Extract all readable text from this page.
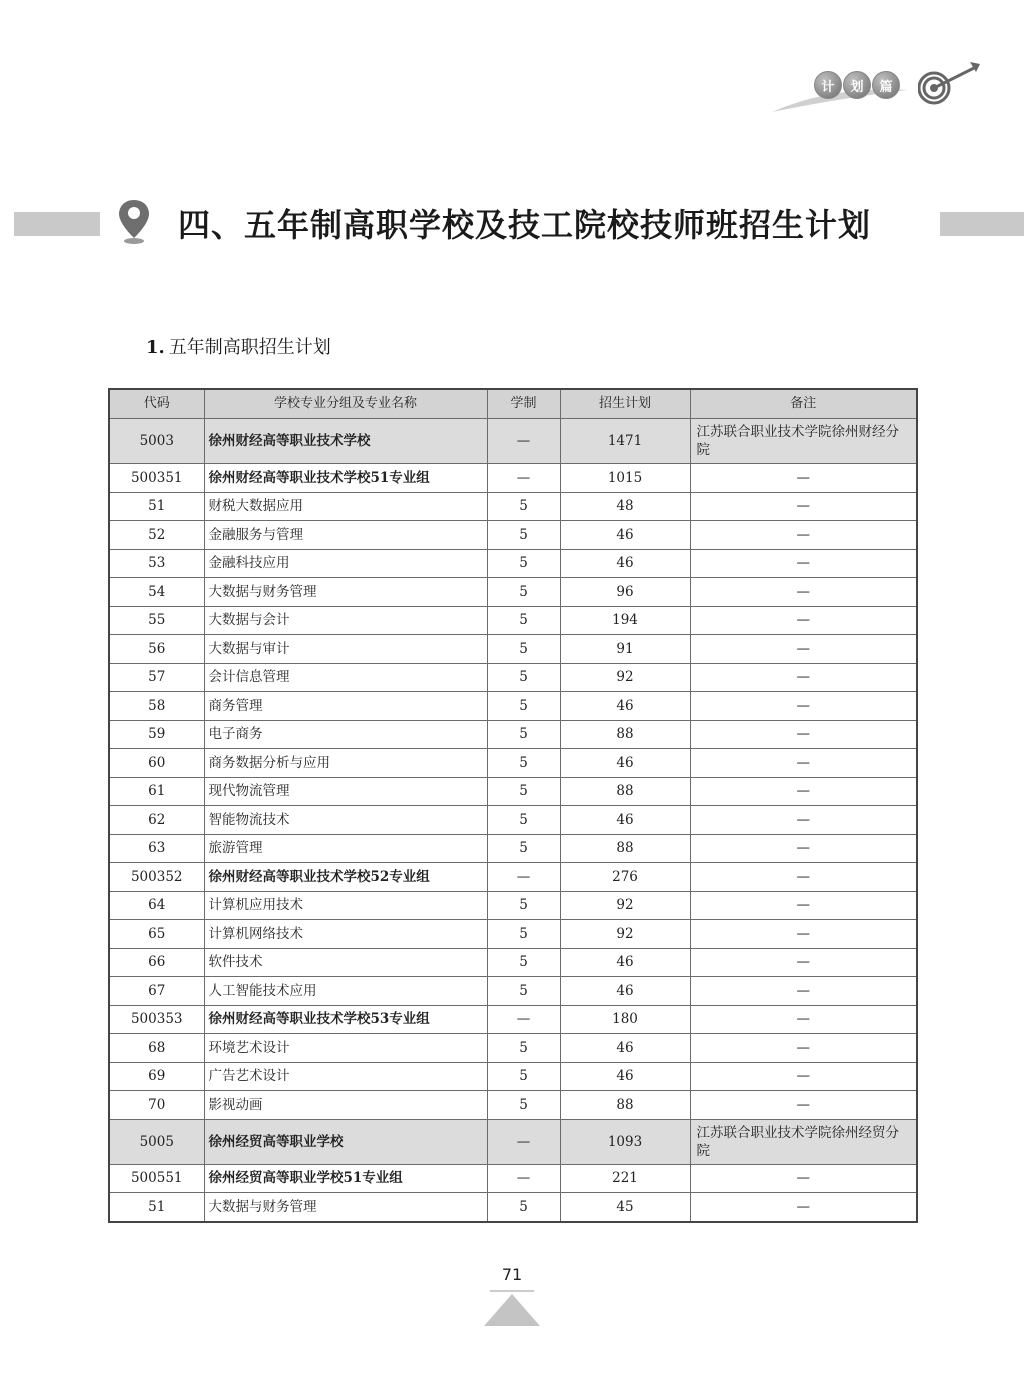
计	划	篇
四、五年制高职学校及技工院校技师班招生计划
1. 五年制高职招生计划
代码	学校专业分组及专业名称	学制	招生计划	备注
5003	徐州财经高等职业技术学校	—	1471	江苏联合职业技术学院徐州财经分院
500351	徐州财经高等职业技术学校51专业组	—	1015	—
51	财税大数据应用	5	48	—
52	金融服务与管理	5	46	—
53	金融科技应用	5	46	—
54	大数据与财务管理	5	96	—
55	大数据与会计	5	194	—
56	大数据与审计	5	91	—
57	会计信息管理	5	92	—
58	商务管理	5	46	—
59	电子商务	5	88	—
60	商务数据分析与应用	5	46	—
61	现代物流管理	5	88	—
62	智能物流技术	5	46	—
63	旅游管理	5	88	—
500352	徐州财经高等职业技术学校52专业组	—	276	—
64	计算机应用技术	5	92	—
65	计算机网络技术	5	92	—
66	软件技术	5	46	—
67	人工智能技术应用	5	46	—
500353	徐州财经高等职业技术学校53专业组	—	180	—
68	环境艺术设计	5	46	—
69	广告艺术设计	5	46	—
70	影视动画	5	88	—
5005	徐州经贸高等职业学校	—	1093	江苏联合职业技术学院徐州经贸分院
500551	徐州经贸高等职业学校51专业组	—	221	—
51	大数据与财务管理	5	45	—
71
